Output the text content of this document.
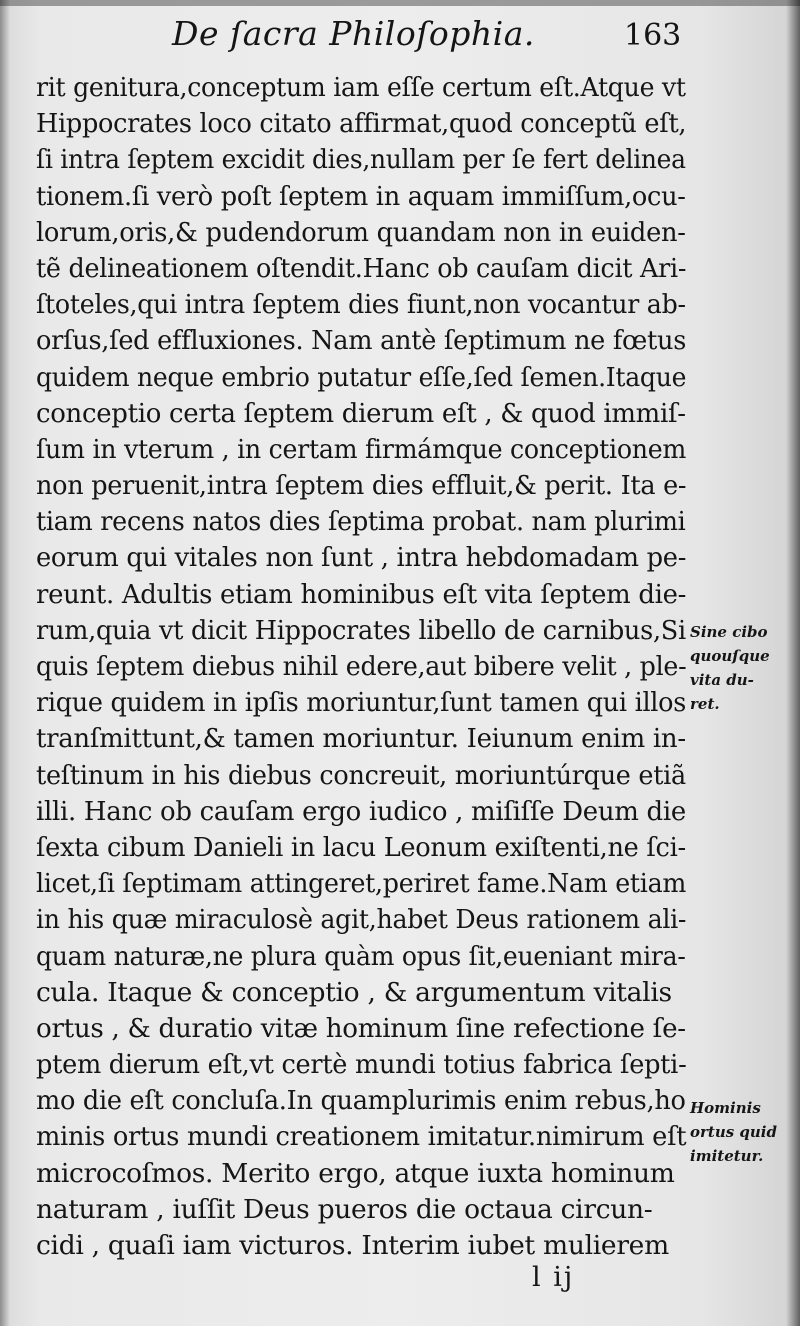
De ſacra Philoſophia.	163
rit genitura,conceptum iam eſſe certum eſt.Atque vt
Hippocrates loco citato affirmat,quod conceptũ eſt,
ſi intra ſeptem excidit dies,nullam per ſe fert delinea
tionem.ſi verò poſt ſeptem in aquam immiſſum,ocu-
lorum,oris,& pudendorum quandam non in euiden-
tẽ delineationem oſtendit.Hanc ob cauſam dicit Ari-
ſtoteles,qui intra ſeptem dies fiunt,non vocantur ab-
orſus,ſed effluxiones. Nam antè ſeptimum ne fœtus
quidem neque embrio putatur eſſe,ſed ſemen.Itaque
conceptio certa ſeptem dierum eſt , & quod immiſ-
ſum in vterum , in certam firmámque conceptionem
non peruenit,intra ſeptem dies effluit,& perit. Ita e-
tiam recens natos dies ſeptima probat. nam plurimi
eorum qui vitales non ſunt , intra hebdomadam pe-
reunt. Adultis etiam hominibus eſt vita ſeptem die-
rum,quia vt dicit Hippocrates libello de carnibus,Si
quis ſeptem diebus nihil edere,aut bibere velit , ple-
rique quidem in ipſis moriuntur,ſunt tamen qui illos
tranſmittunt,& tamen moriuntur. Ieiunum enim in-
teſtinum in his diebus concreuit, moriuntúrque etiã
illi. Hanc ob cauſam ergo iudico , miſiſſe Deum die
ſexta cibum Danieli in lacu Leonum exiſtenti,ne ſci-
licet,ſi ſeptimam attingeret,periret fame.Nam etiam
in his quæ miraculosè agit,habet Deus rationem ali-
quam naturæ,ne plura quàm opus ſit,eueniant mira-
cula. Itaque & conceptio , & argumentum vitalis
ortus , & duratio vitæ hominum ſine refectione ſe-
ptem dierum eſt,vt certè mundi totius fabrica ſepti-
mo die eſt concluſa.In quamplurimis enim rebus,ho
minis ortus mundi creationem imitatur.nimirum eſt
microcoſmos. Merito ergo, atque iuxta hominum
naturam , iuſſit Deus pueros die octaua circun-
cidi , quaſi iam victuros. Interim iubet mulierem
Sine cibo
quouſque
vita du-
ret.
Hominis
ortus quid
imitetur.
l ij
